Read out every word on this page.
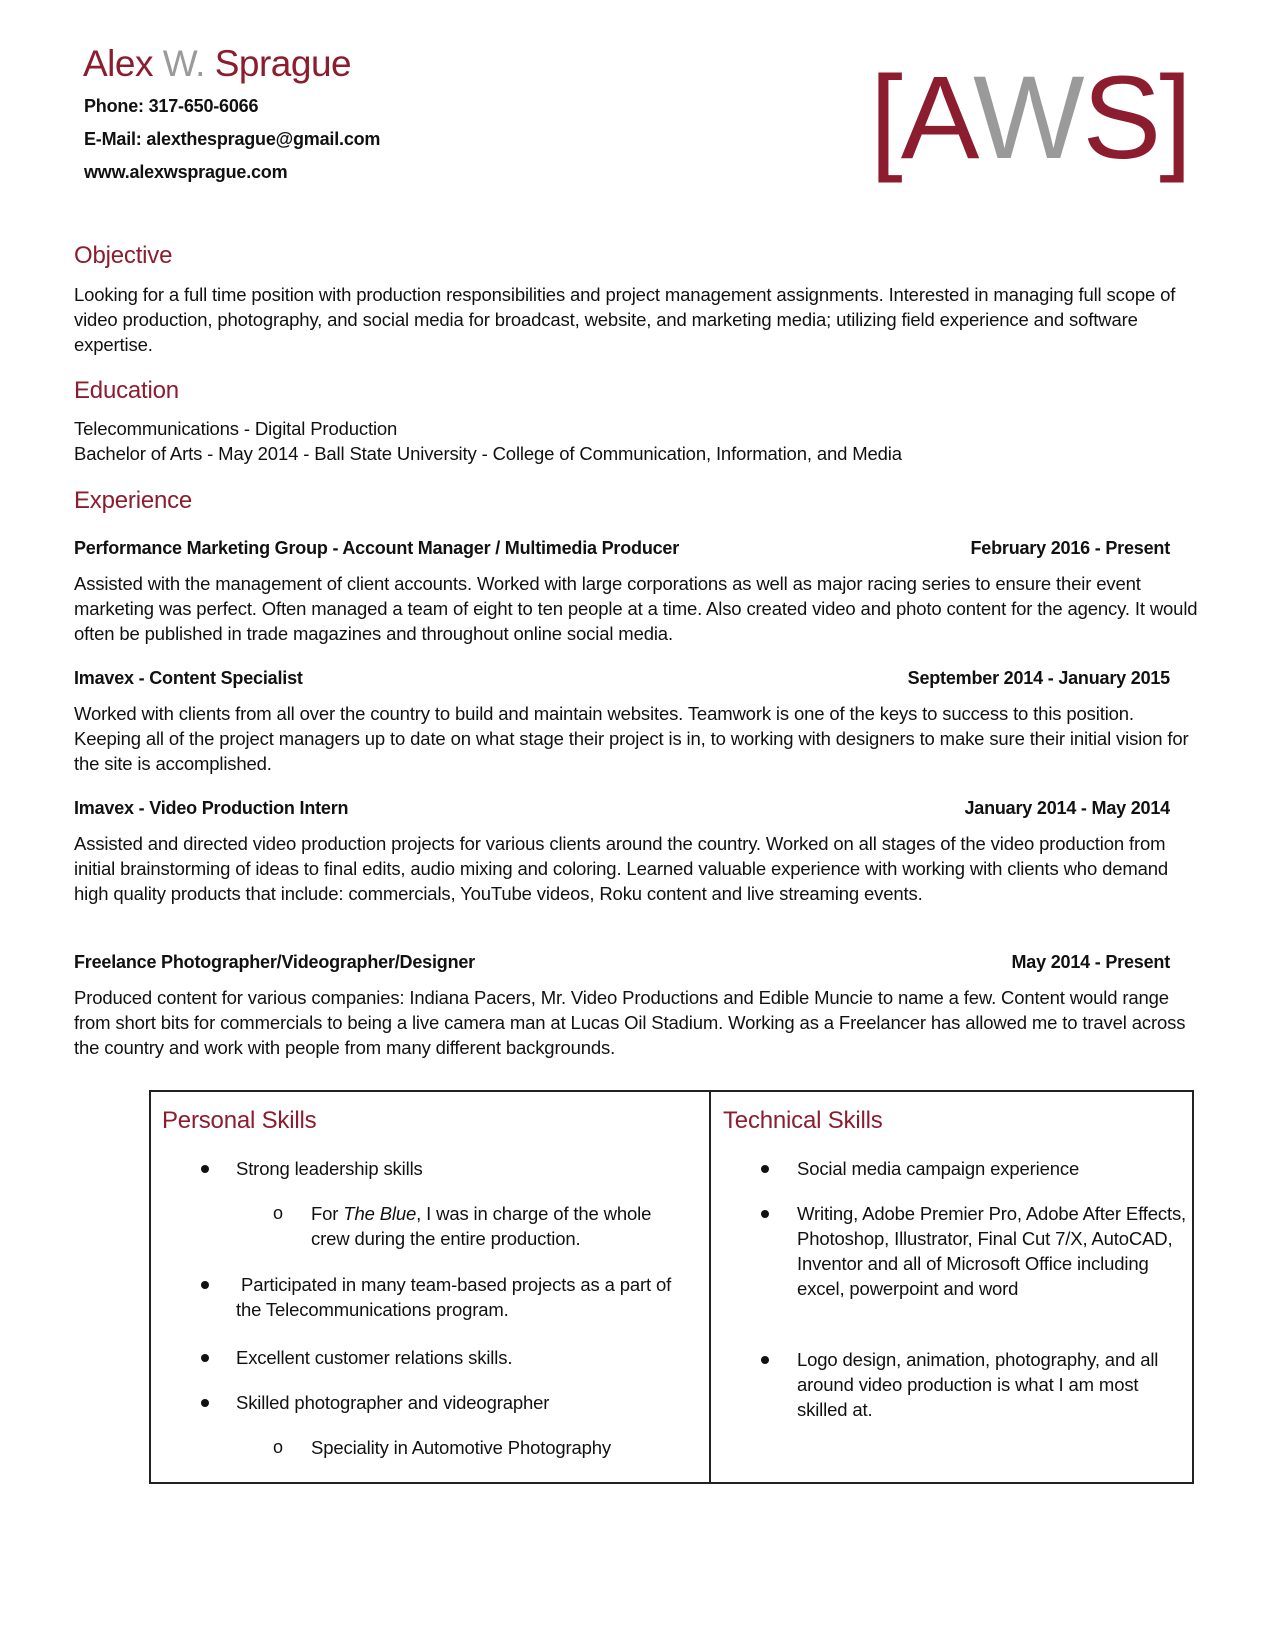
Alex W. Sprague
Phone: 317-650-6066
E-Mail: alexthesprague@gmail.com
www.alexwsprague.com	[AWS]
Objective
Looking for a full time position with production responsibilities and project management assignments. Interested in managing full scope of video production, photography, and social media for broadcast, website, and marketing media; utilizing field experience and software expertise.
Education
Telecommunications - Digital Production
Bachelor of Arts - May 2014 - Ball State University - College of Communication, Information, and Media
Experience
Performance Marketing Group - Account Manager / Multimedia Producer	February 2016 - Present
Assisted with the management of client accounts. Worked with large corporations as well as major racing series to ensure their event marketing was perfect. Often managed a team of eight to ten people at a time. Also created video and photo content for the agency. It would often be published in trade magazines and throughout online social media.
Imavex - Content Specialist	September 2014 - January 2015
Worked with clients from all over the country to build and maintain websites. Teamwork is one of the keys to success to this position. Keeping all of the project managers up to date on what stage their project is in, to working with designers to make sure their initial vision for the site is accomplished.
Imavex - Video Production Intern	January 2014 - May 2014
Assisted and directed video production projects for various clients around the country. Worked on all stages of the video production from initial brainstorming of ideas to final edits, audio mixing and coloring. Learned valuable experience with working with clients who demand high quality products that include: commercials, YouTube videos, Roku content and live streaming events.
Freelance Photographer/Videographer/Designer	May 2014 - Present
Produced content for various companies: Indiana Pacers, Mr. Video Productions and Edible Muncie to name a few. Content would range from short bits for commercials to being a live camera man at Lucas Oil Stadium. Working as a Freelancer has allowed me to travel across the country and work with people from many different backgrounds.
Personal Skills
Strong leadership skills
o For The Blue, I was in charge of the whole crew during the entire production.
Participated in many team-based projects as a part of the Telecommunications program.
Excellent customer relations skills.
Skilled photographer and videographer
o Speciality in Automotive Photography
Technical Skills
Social media campaign experience
Writing, Adobe Premier Pro, Adobe After Effects, Photoshop, Illustrator, Final Cut 7/X, AutoCAD, Inventor and all of Microsoft Office including excel, powerpoint and word
Logo design, animation, photography, and all around video production is what I am most skilled at.
